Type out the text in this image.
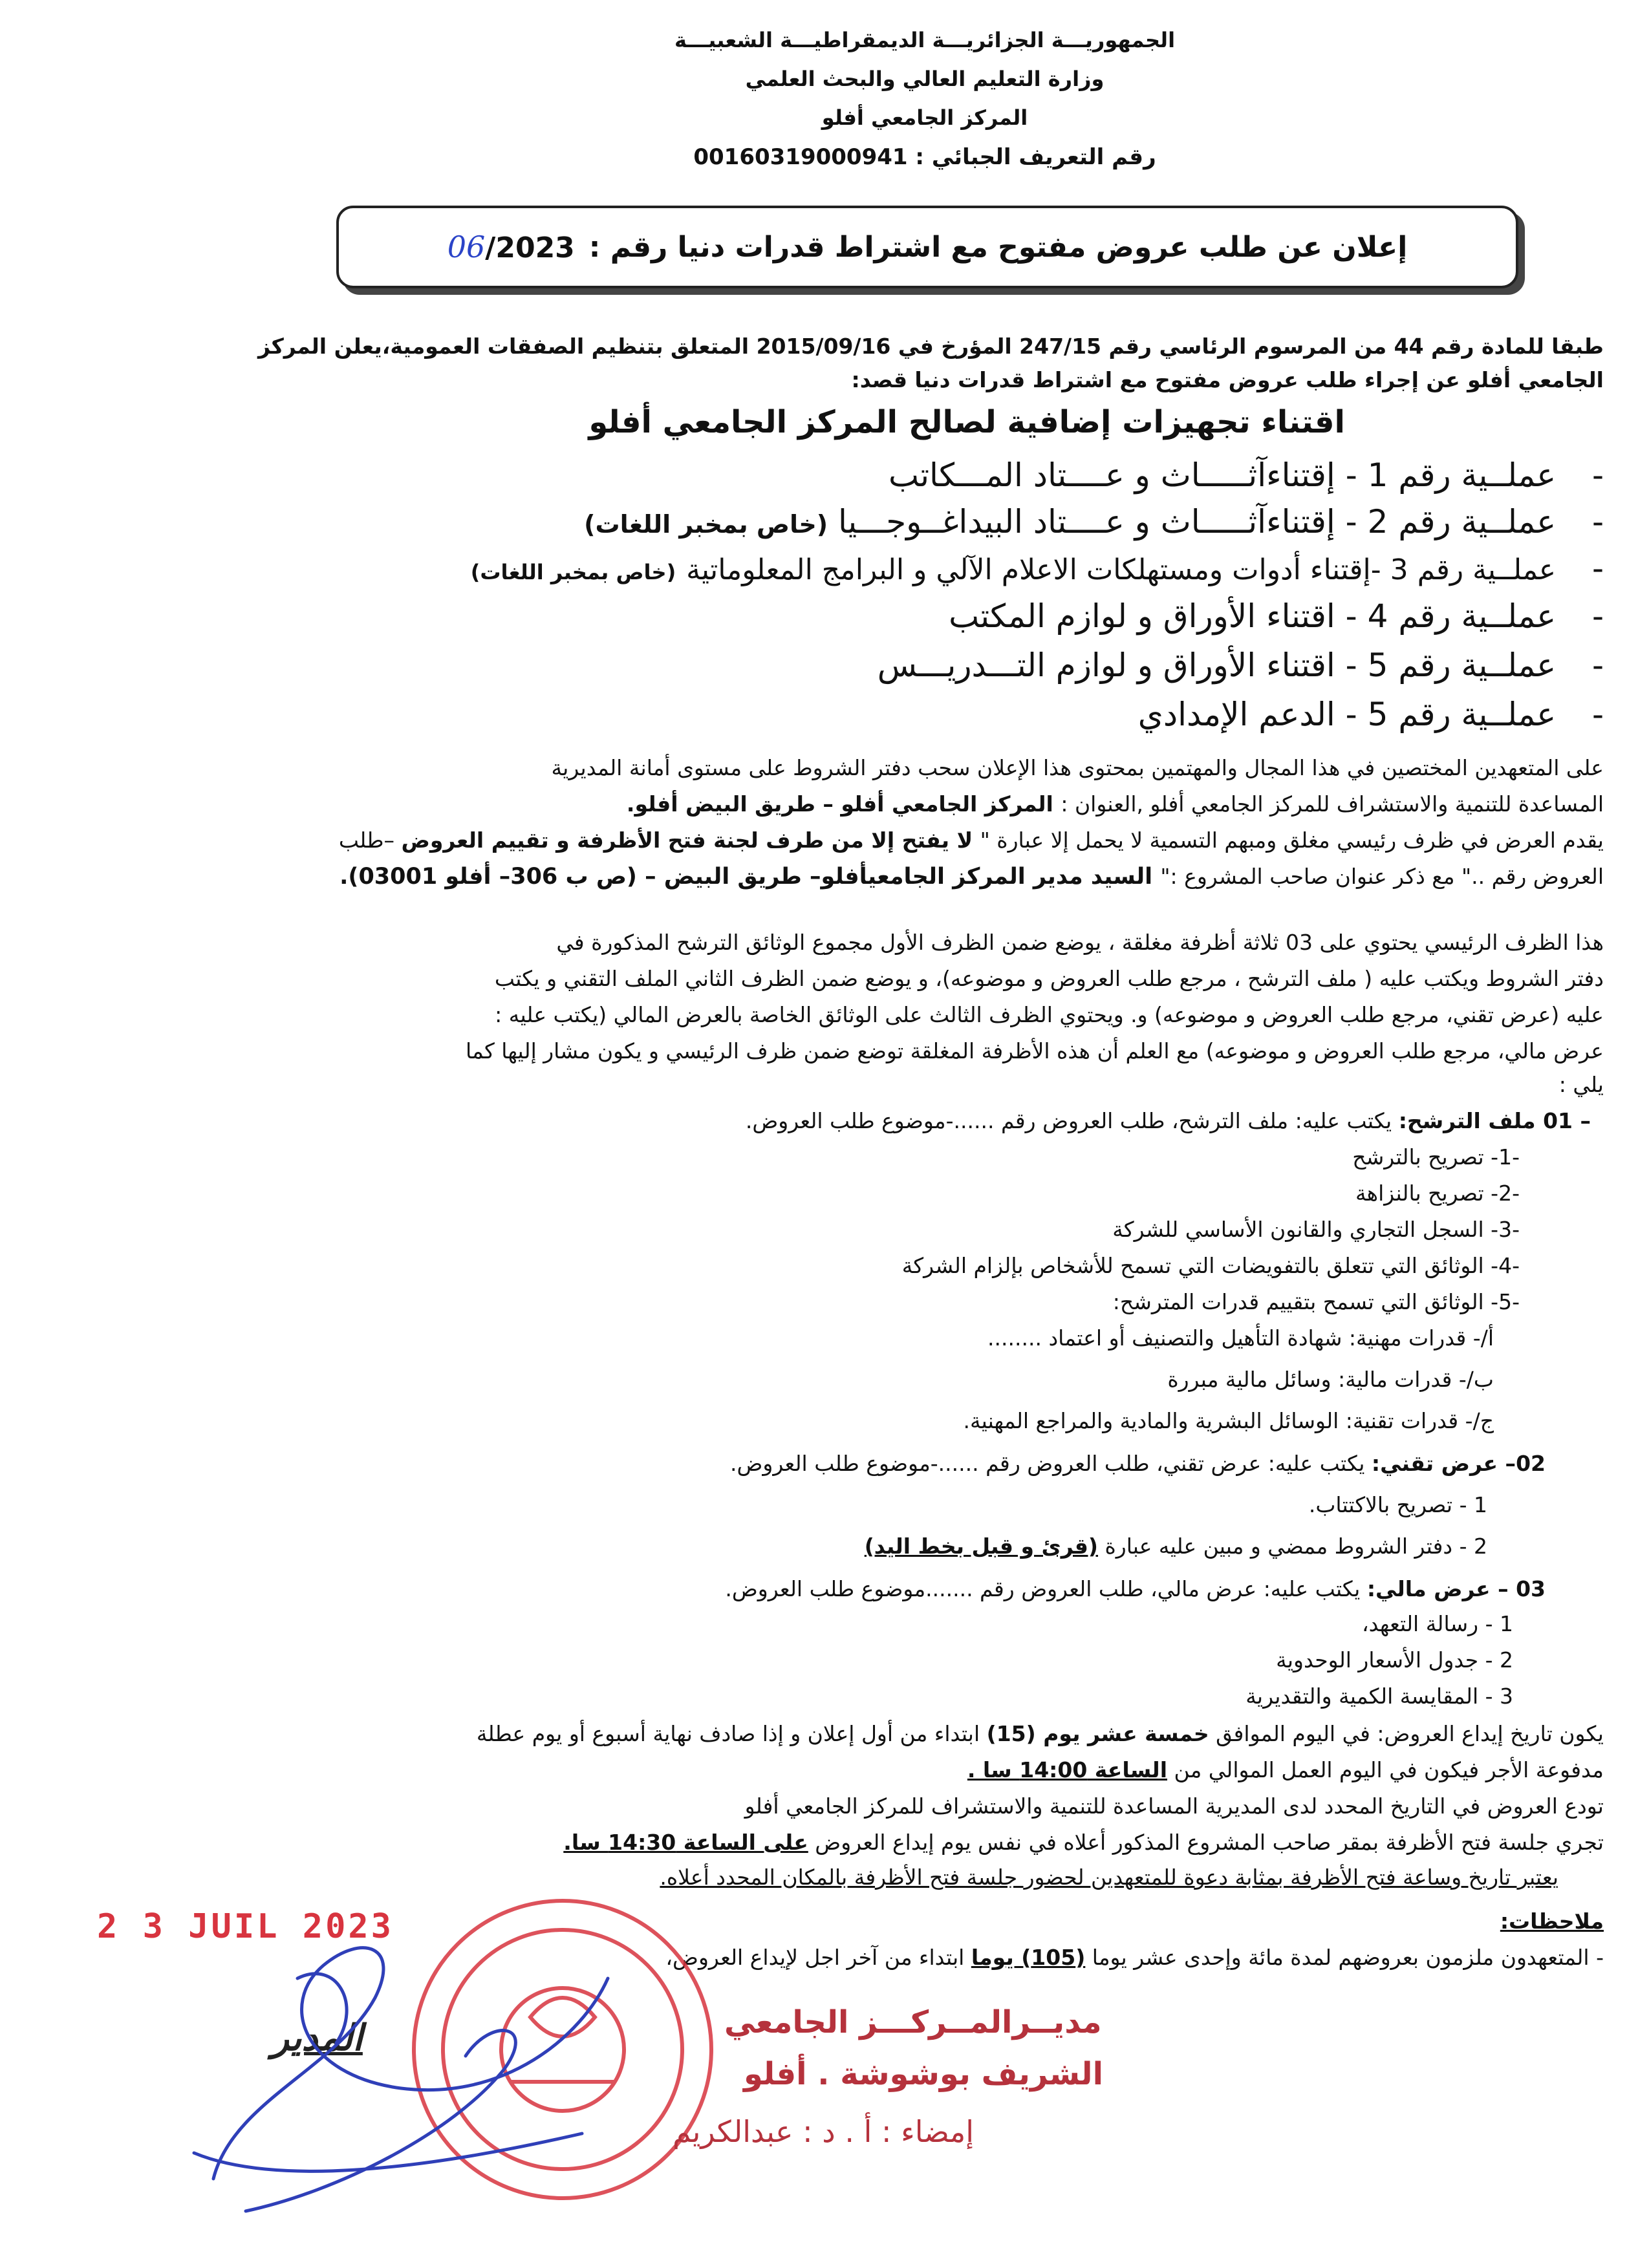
الجمهوريـــة الجزائريـــة الديمقراطيـــة الشعبيـــة
وزارة التعليم العالي والبحث العلمي
المركز الجامعي أفلو
رقم التعريف الجبائي : 00160319000941
إعلان عن طلب عروض مفتوح مع اشتراط قدرات دنيا رقم :
06/2023
طبقا للمادة رقم 44 من المرسوم الرئاسي رقم 247/15 المؤرخ في 2015/09/16 المتعلق بتنظيم الصفقات العمومية،يعلن المركز
الجامعي أفلو عن إجراء طلب عروض مفتوح مع اشتراط قدرات دنيا قصد:
اقتناء تجهيزات إضافية لصالح المركز الجامعي أفلو
- عملــية رقم 1 - إقتناءآثـــــاث و عــــتاد المـــكاتب
- عملــية رقم 2 - إقتناءآثـــــاث و عــــتاد البيداغــوجـــيا (خاص بمخبر اللغات)
- عملــية رقم 3 -إقتناء أدوات ومستهلكات الاعلام الآلي و البرامج المعلوماتية (خاص بمخبر اللغات)
- عملــية رقم 4 - اقتناء الأوراق و لوازم المكتب
- عملــية رقم 5 - اقتناء الأوراق و لوازم التـــدريـــس
- عملــية رقم 5 - الدعم الإمدادي
على المتعهدين المختصين في هذا المجال والمهتمين بمحتوى هذا الإعلان سحب دفتر الشروط على مستوى أمانة المديرية
المساعدة للتنمية والاستشراف للمركز الجامعي أفلو ,العنوان : المركز الجامعي أفلو – طريق البيض أفلو.
يقدم العرض في ظرف رئيسي مغلق ومبهم التسمية لا يحمل إلا عبارة " لا يفتح إلا من طرف لجنة فتح الأظرفة و تقييم العروض –طلب
العروض رقم .." مع ذكر عنوان صاحب المشروع :" السيد مدير المركز الجامعيأفلو– طريق البيض – (ص ب 306– أفلو 03001).
هذا الظرف الرئيسي يحتوي على 03 ثلاثة أظرفة مغلقة ، يوضع ضمن الظرف الأول مجموع الوثائق الترشح المذكورة في
دفتر الشروط ويكتب عليه ( ملف الترشح ، مرجع طلب العروض و موضوعه)، و يوضع ضمن الظرف الثاني الملف التقني و يكتب
عليه (عرض تقني، مرجع طلب العروض و موضوعه) و. ويحتوي الظرف الثالث على الوثائق الخاصة بالعرض المالي (يكتب عليه :
عرض مالي، مرجع طلب العروض و موضوعه) مع العلم أن هذه الأظرفة المغلقة توضع ضمن ظرف الرئيسي و يكون مشار إليها كما
يلي :
– 01 ملف الترشح: يكتب عليه: ملف الترشح، طلب العروض رقم ......-موضوع طلب العروض.
-1- تصريح بالترشح
-2- تصريح بالنزاهة
-3- السجل التجاري والقانون الأساسي للشركة
-4- الوثائق التي تتعلق بالتفويضات التي تسمح للأشخاص بإلزام الشركة
-5- الوثائق التي تسمح بتقييم قدرات المترشح:
أ/- قدرات مهنية: شهادة التأهيل والتصنيف أو اعتماد ........
ب/- قدرات مالية: وسائل مالية مبررة
ج/- قدرات تقنية: الوسائل البشرية والمادية والمراجع المهنية.
02– عرض تقني: يكتب عليه: عرض تقني، طلب العروض رقم ......-موضوع طلب العروض.
1 - تصريح بالاكتتاب.
2 - دفتر الشروط ممضي و مبين عليه عبارة (قرئ و قبل بخط اليد)
03 – عرض مالي: يكتب عليه: عرض مالي، طلب العروض رقم .......موضوع طلب العروض.
1 - رسالة التعهد،
2 - جدول الأسعار الوحدوية
3 - المقايسة الكمية والتقديرية
يكون تاريخ إيداع العروض: في اليوم الموافق خمسة عشر يوم (15) ابتداء من أول إعلان و إذا صادف نهاية أسبوع أو يوم عطلة
مدفوعة الأجر فيكون في اليوم العمل الموالي من الساعة 14:00 سا .
تودع العروض في التاريخ المحدد لدى المديرية المساعدة للتنمية والاستشراف للمركز الجامعي أفلو
تجري جلسة فتح الأظرفة بمقر صاحب المشروع المذكور أعلاه في نفس يوم إيداع العروض على الساعة 14:30 سا.
يعتبر تاريخ وساعة فتح الأظرفة بمثابة دعوة للمتعهدين لحضور جلسة فتح الأظرفة بالمكان المحدد أعلاه.
ملاحظات:
- المتعهدون ملزمون بعروضهم لمدة مائة وإحدى عشر يوما (105) يوما ابتداء من آخر اجل لإيداع العروض،
2 3 JUIL 2023
مديــرالمــركـــز الجامعي
الشريف بوشوشة . أفلو
إمضاء : أ . د : عبدالكريم
المدير
